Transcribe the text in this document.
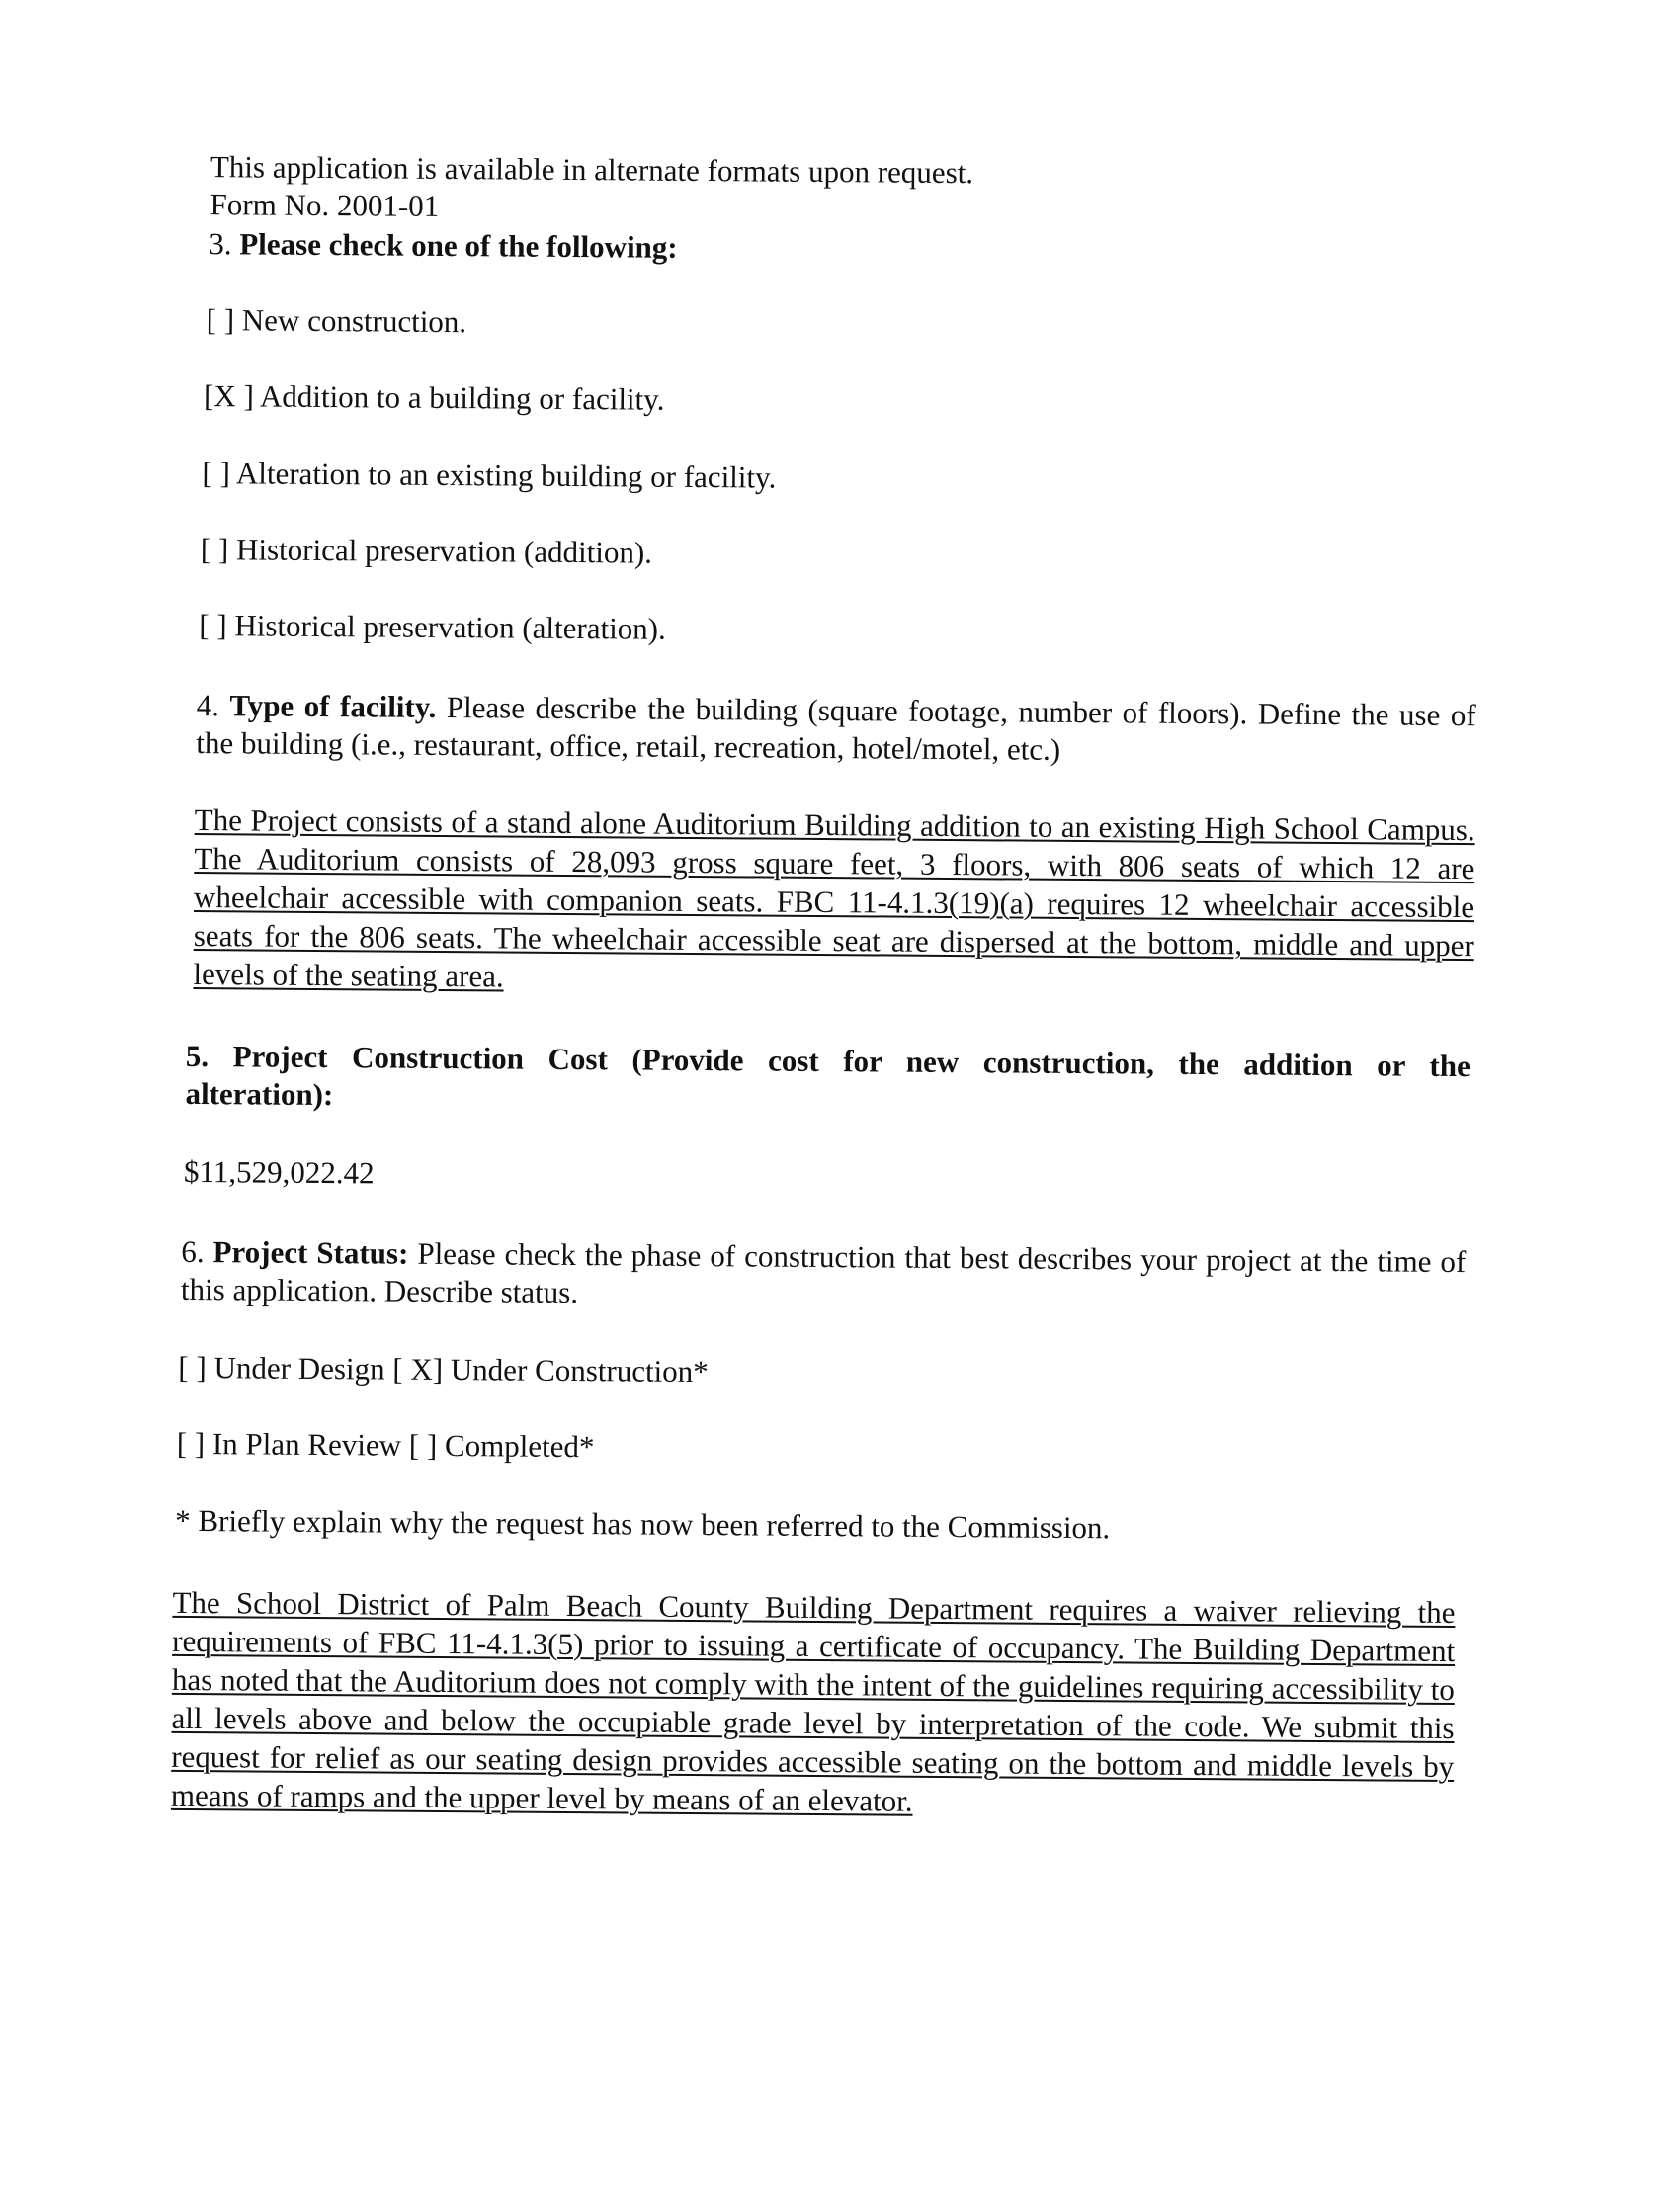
This application is available in alternate formats upon request.
Form No. 2001-01
3. Please check one of the following:
[ ] New construction.
[X ] Addition to a building or facility.
[ ] Alteration to an existing building or facility.
[ ] Historical preservation (addition).
[ ] Historical preservation (alteration).
4. Type of facility. Please describe the building (square footage, number of floors). Define the use of the building (i.e., restaurant, office, retail, recreation, hotel/motel, etc.)
The Project consists of a stand alone Auditorium Building addition to an existing High School Campus. The Auditorium consists of 28,093 gross square feet, 3 floors, with 806 seats of which 12 are wheelchair accessible with companion seats. FBC 11-4.1.3(19)(a) requires 12 wheelchair accessible seats for the 806 seats. The wheelchair accessible seat are dispersed at the bottom, middle and upper levels of the seating area.
5. Project Construction Cost (Provide cost for new construction, the addition or the alteration):
$11,529,022.42
6. Project Status: Please check the phase of construction that best describes your project at the time of this application. Describe status.
[ ] Under Design [ X] Under Construction*
[ ] In Plan Review [ ] Completed*
* Briefly explain why the request has now been referred to the Commission.
The School District of Palm Beach County Building Department requires a waiver relieving the requirements of FBC 11-4.1.3(5) prior to issuing a certificate of occupancy. The Building Department has noted that the Auditorium does not comply with the intent of the guidelines requiring accessibility to all levels above and below the occupiable grade level by interpretation of the code. We submit this request for relief as our seating design provides accessible seating on the bottom and middle levels by means of ramps and the upper level by means of an elevator.
